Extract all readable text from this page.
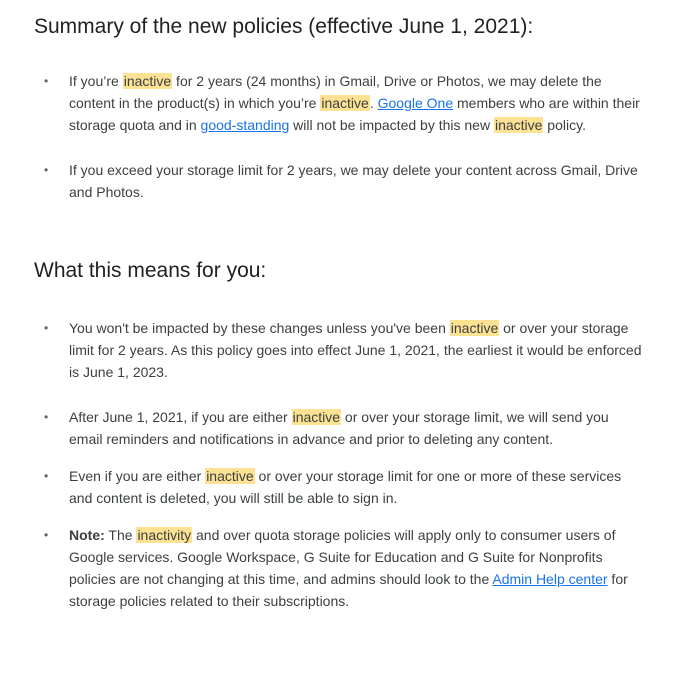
Summary of the new policies (effective June 1, 2021):
• If you’re inactive for 2 years (24 months) in Gmail, Drive or Photos, we may delete the content in the product(s) in which you’re inactive. Google One members who are within their storage quota and in good-standing will not be impacted by this new inactive policy.
• If you exceed your storage limit for 2 years, we may delete your content across Gmail, Drive and Photos.
What this means for you:
• You won't be impacted by these changes unless you've been inactive or over your storage limit for 2 years. As this policy goes into effect June 1, 2021, the earliest it would be enforced is June 1, 2023.
• After June 1, 2021, if you are either inactive or over your storage limit, we will send you email reminders and notifications in advance and prior to deleting any content.
• Even if you are either inactive or over your storage limit for one or more of these services and content is deleted, you will still be able to sign in.
• Note: The inactivity and over quota storage policies will apply only to consumer users of Google services. Google Workspace, G Suite for Education and G Suite for Nonprofits policies are not changing at this time, and admins should look to the Admin Help center for storage policies related to their subscriptions.
